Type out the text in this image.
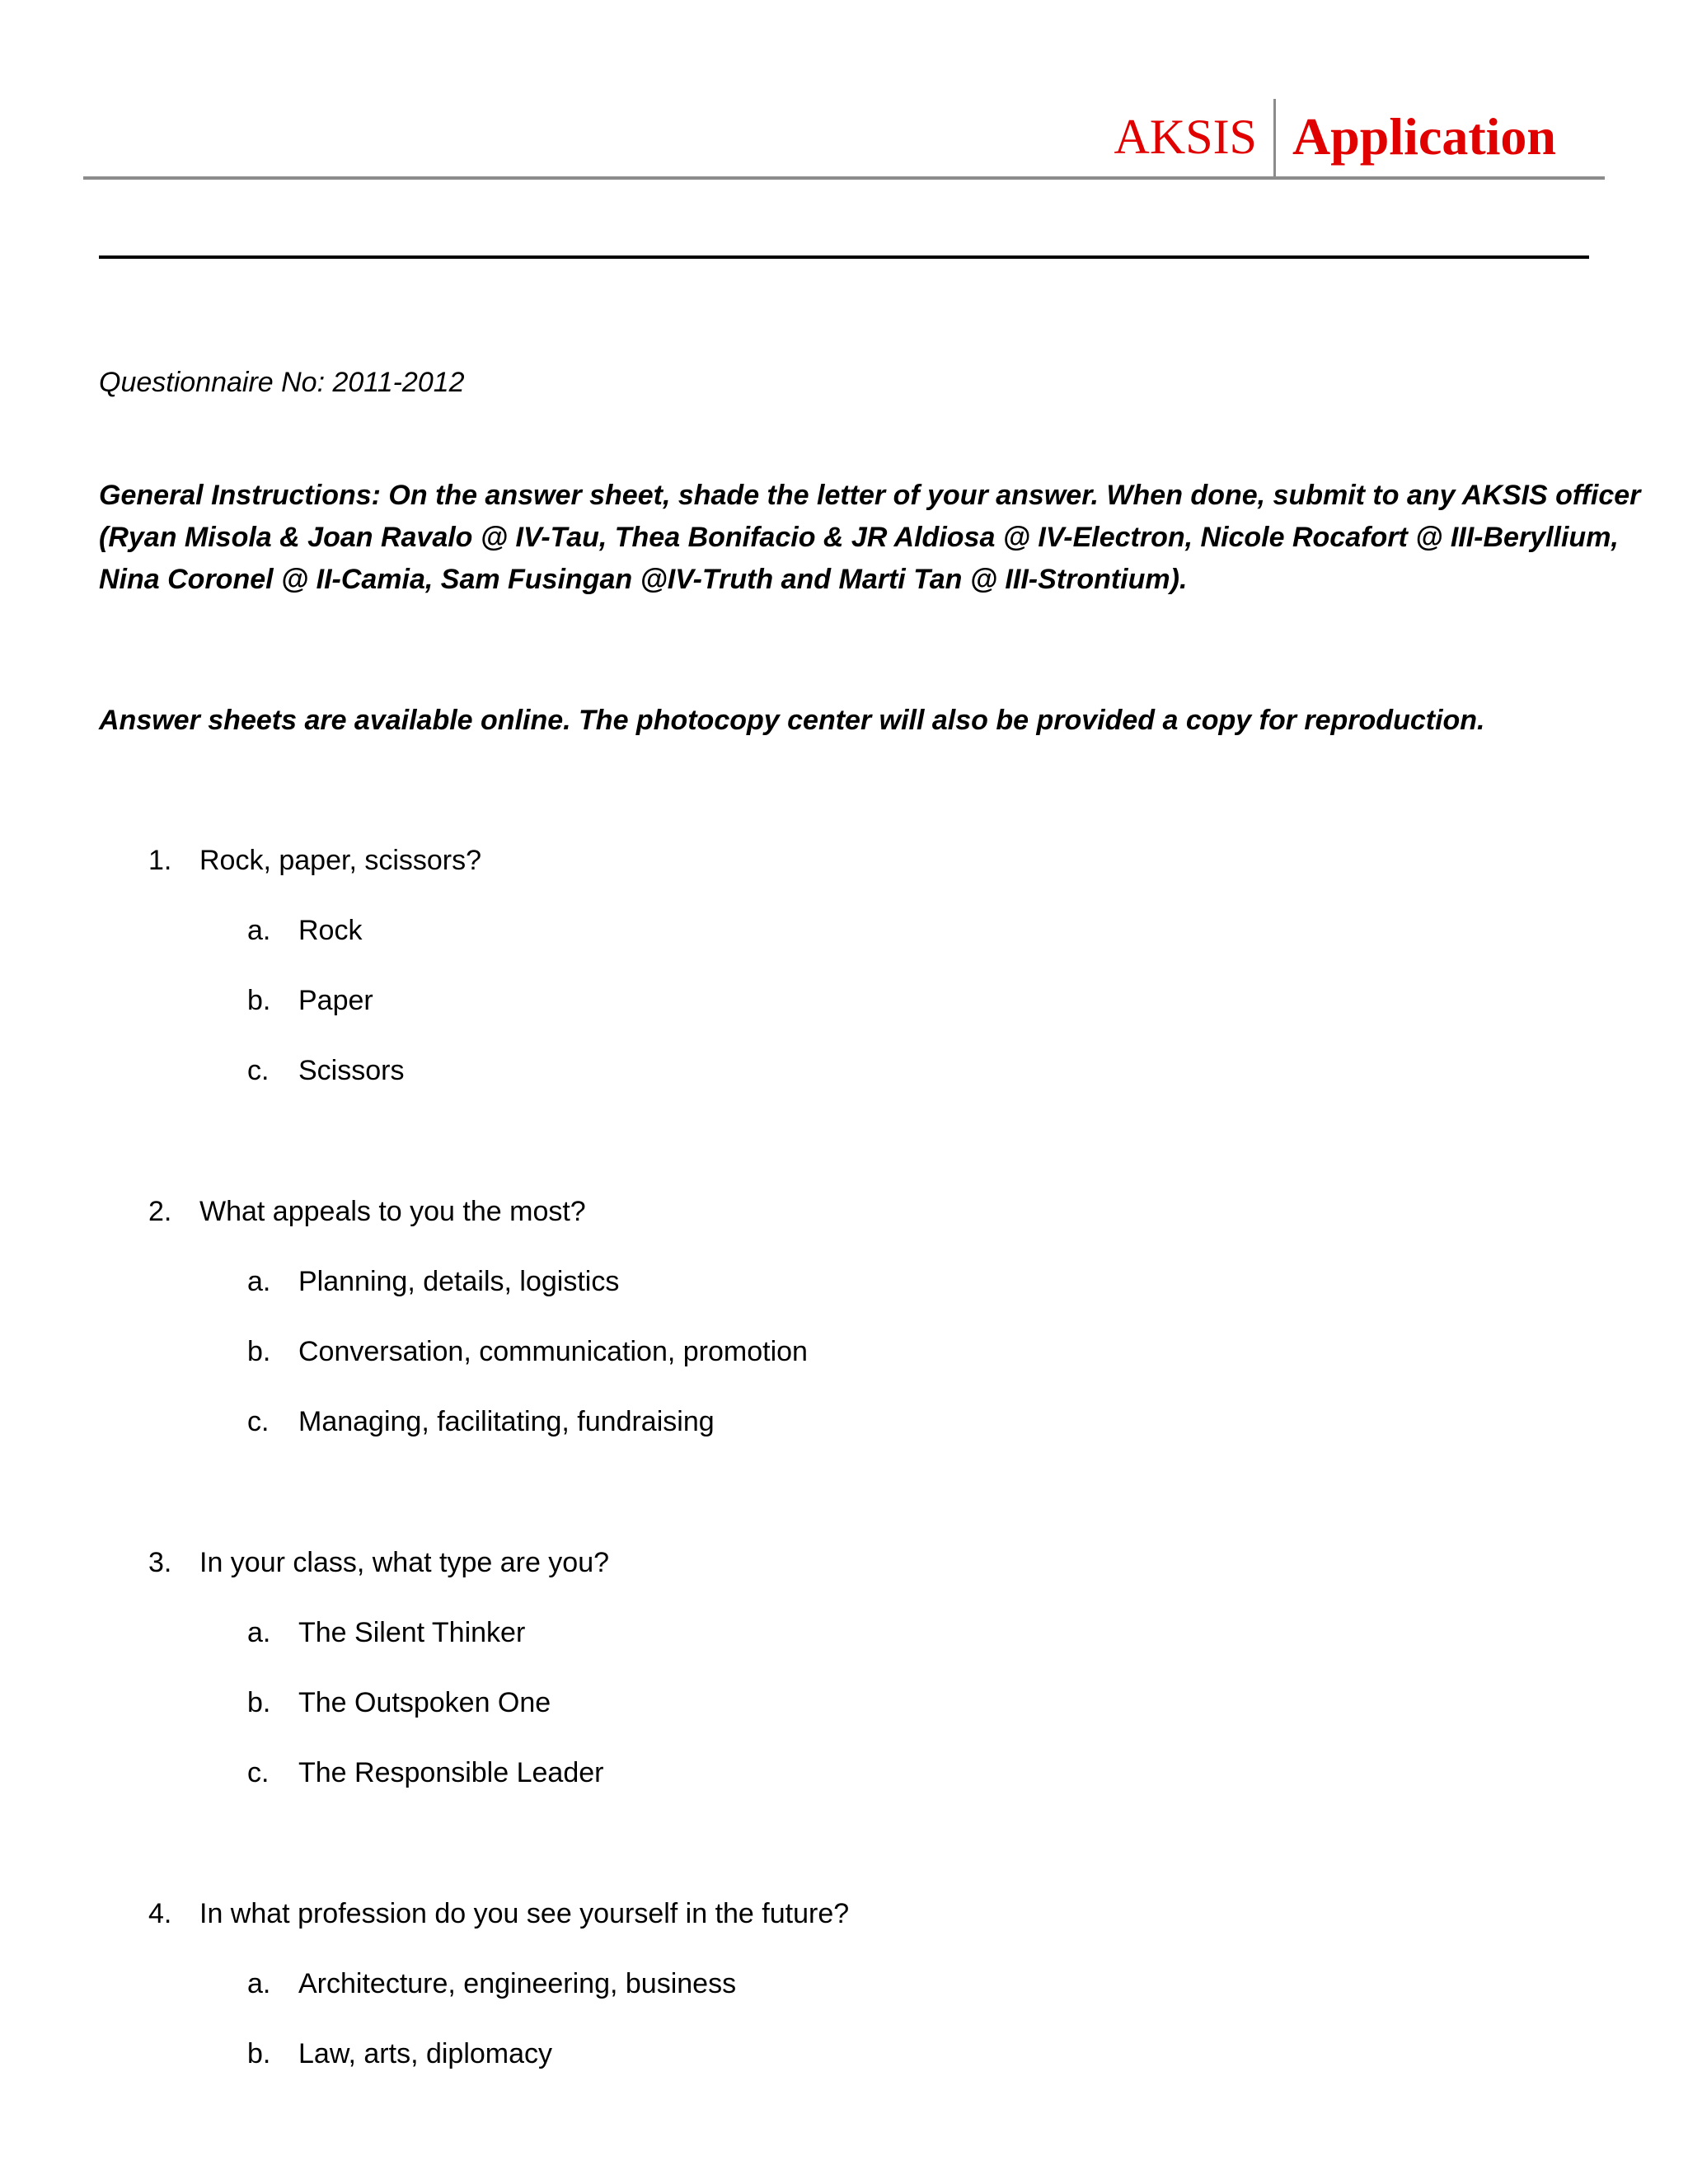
AKSIS Application
Questionnaire No: 2011-2012

General Instructions: On the answer sheet, shade the letter of your answer. When done, submit to any AKSIS officer
(Ryan Misola & Joan Ravalo @ IV-Tau, Thea Bonifacio & JR Aldiosa @ IV-Electron, Nicole Rocafort @ III-Beryllium,
Nina Coronel @ II-Camia, Sam Fusingan @IV-Truth and Marti Tan @ III-Strontium).

Answer sheets are available online. The photocopy center will also be provided a copy for reproduction.
1. Rock, paper, scissors?
a. Rock
b. Paper
c. Scissors
2. What appeals to you the most?
a. Planning, details, logistics
b. Conversation, communication, promotion
c. Managing, facilitating, fundraising
3. In your class, what type are you?
a. The Silent Thinker
b. The Outspoken One
c. The Responsible Leader
4. In what profession do you see yourself in the future?
a. Architecture, engineering, business
b. Law, arts, diplomacy
